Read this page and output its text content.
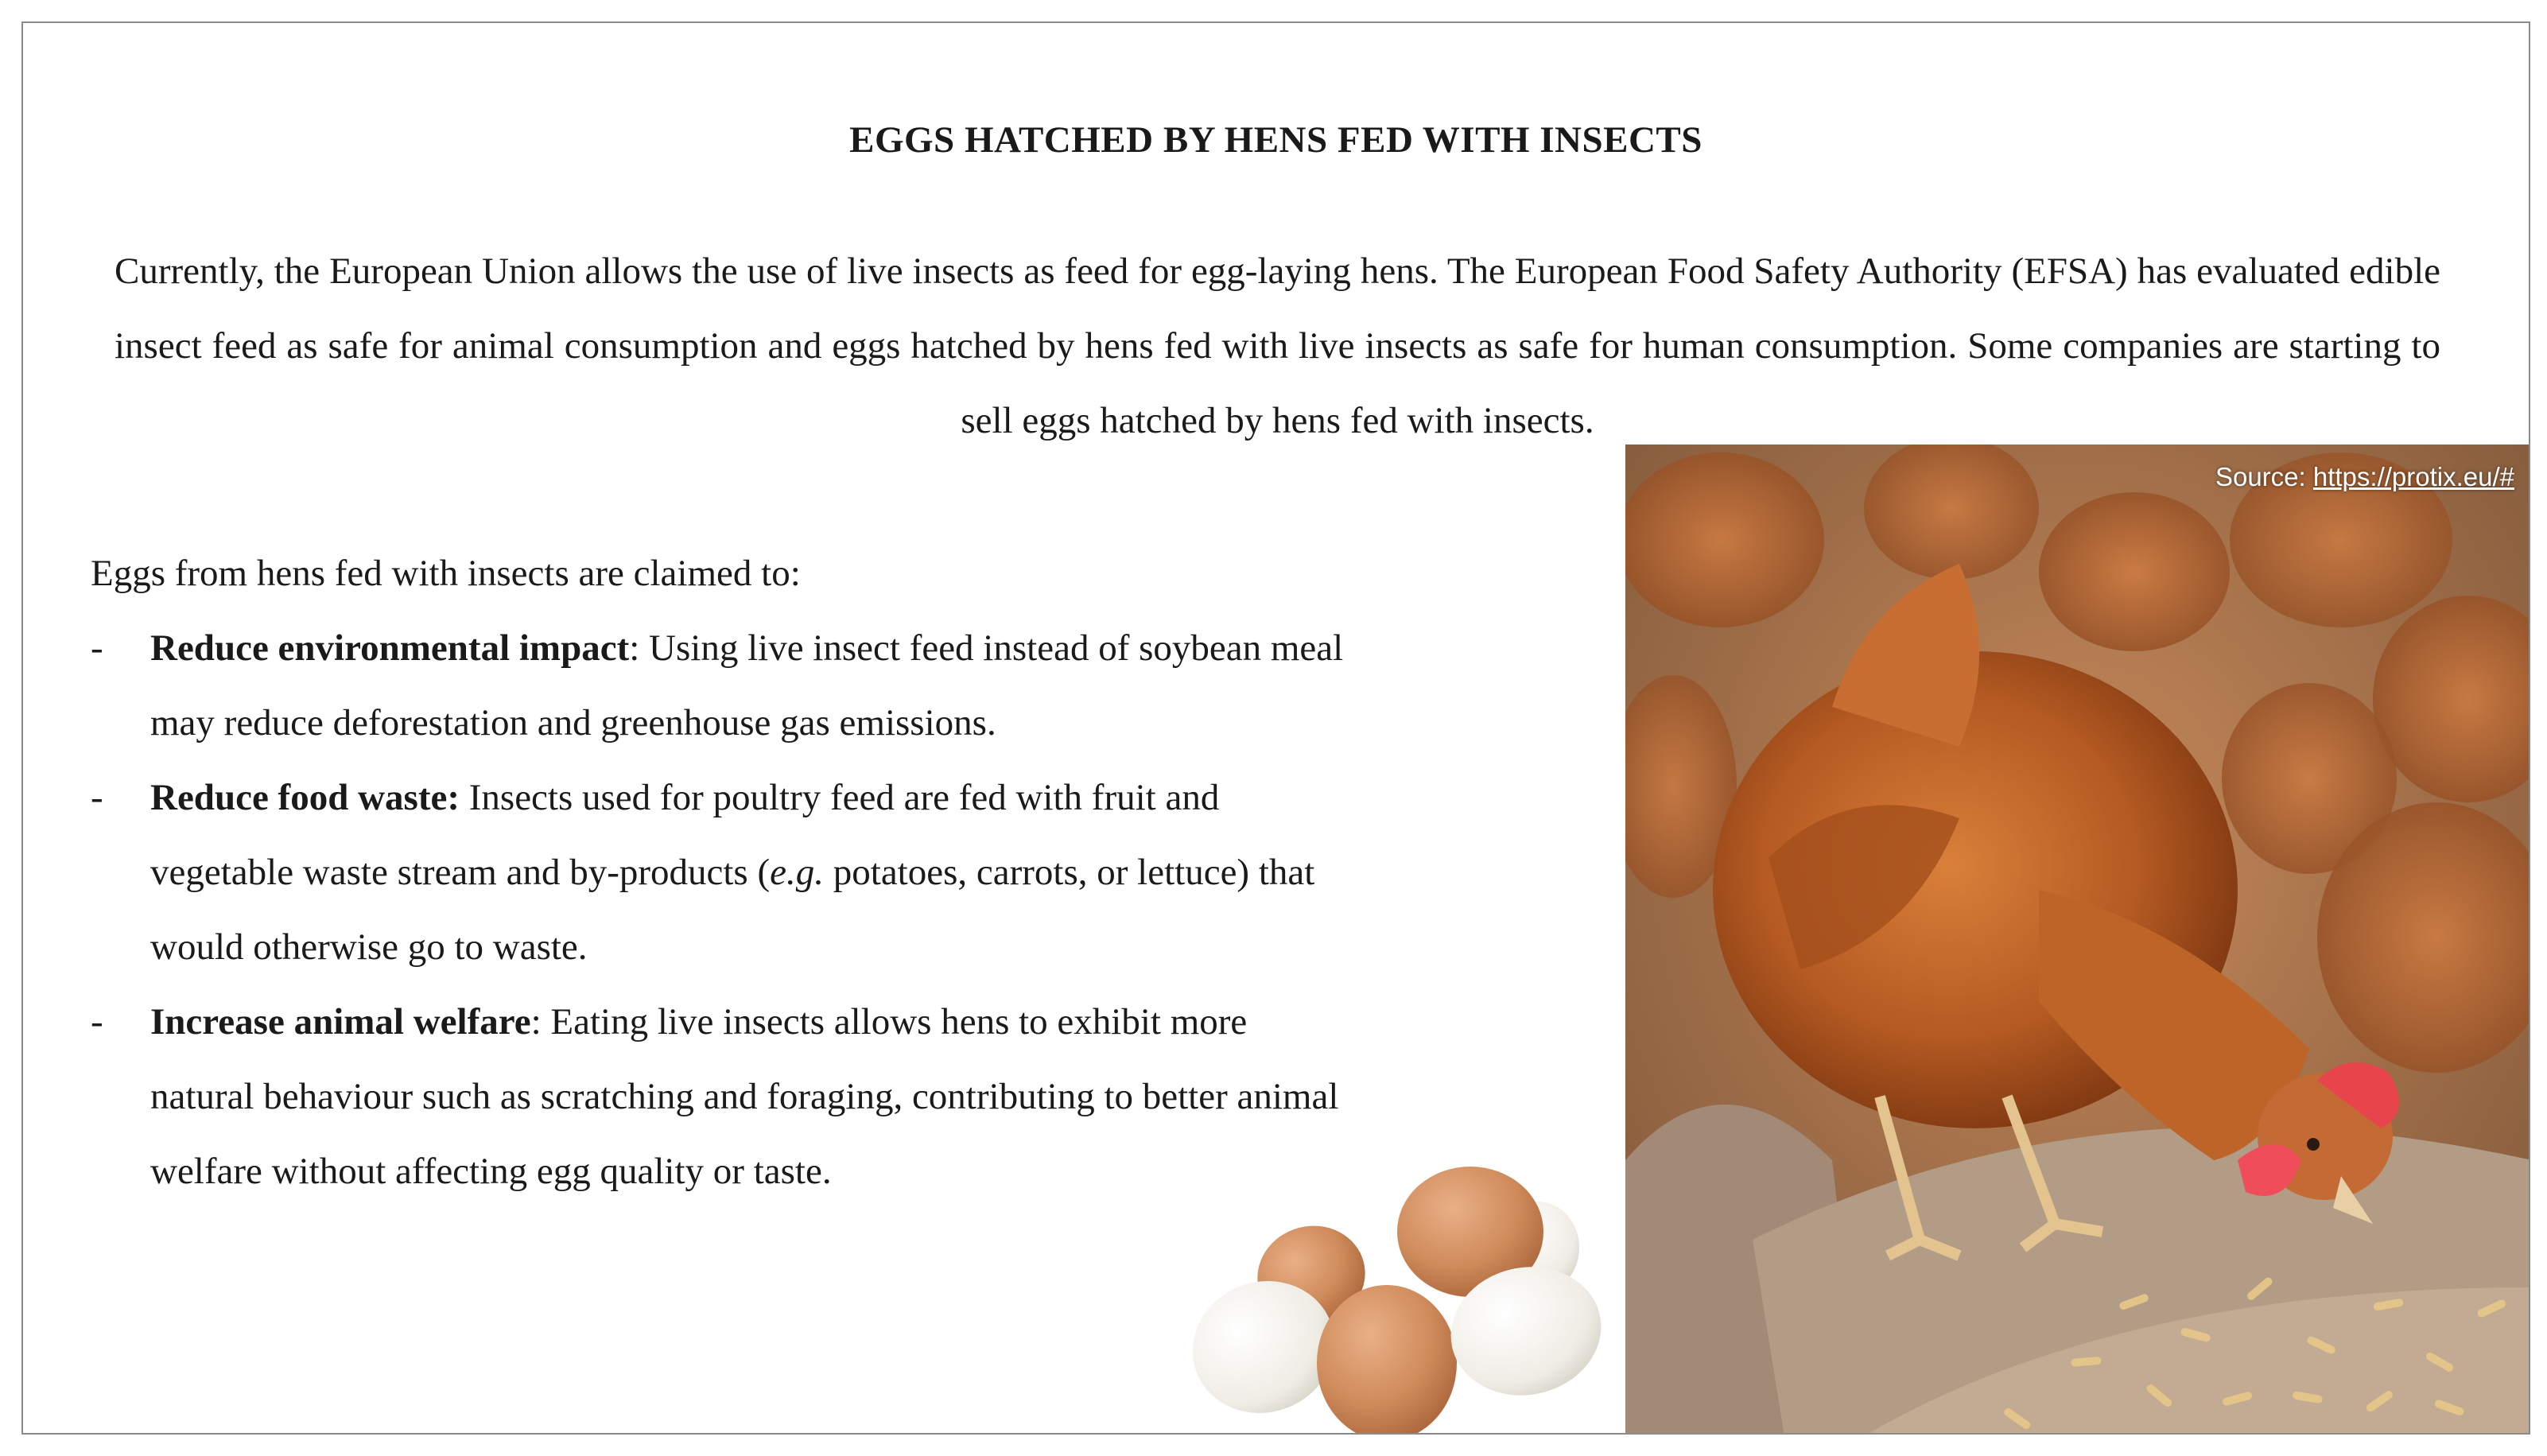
EGGS HATCHED BY HENS FED WITH INSECTS

Currently, the European Union allows the use of live insects as feed for egg-laying hens. The European Food Safety Authority (EFSA) has evaluated edible insect feed as safe for animal consumption and eggs hatched by hens fed with live insects as safe for human consumption. Some companies are starting to sell eggs hatched by hens fed with insects.

Eggs from hens fed with insects are claimed to:

- Reduce environmental impact: Using live insect feed instead of soybean meal may reduce deforestation and greenhouse gas emissions.
- Reduce food waste: Insects used for poultry feed are fed with fruit and vegetable waste stream and by-products (e.g. potatoes, carrots, or lettuce) that would otherwise go to waste.
- Increase animal welfare: Eating live insects allows hens to exhibit more natural behaviour such as scratching and foraging, contributing to better animal welfare without affecting egg quality or taste.
Source: https://protix.eu/#
